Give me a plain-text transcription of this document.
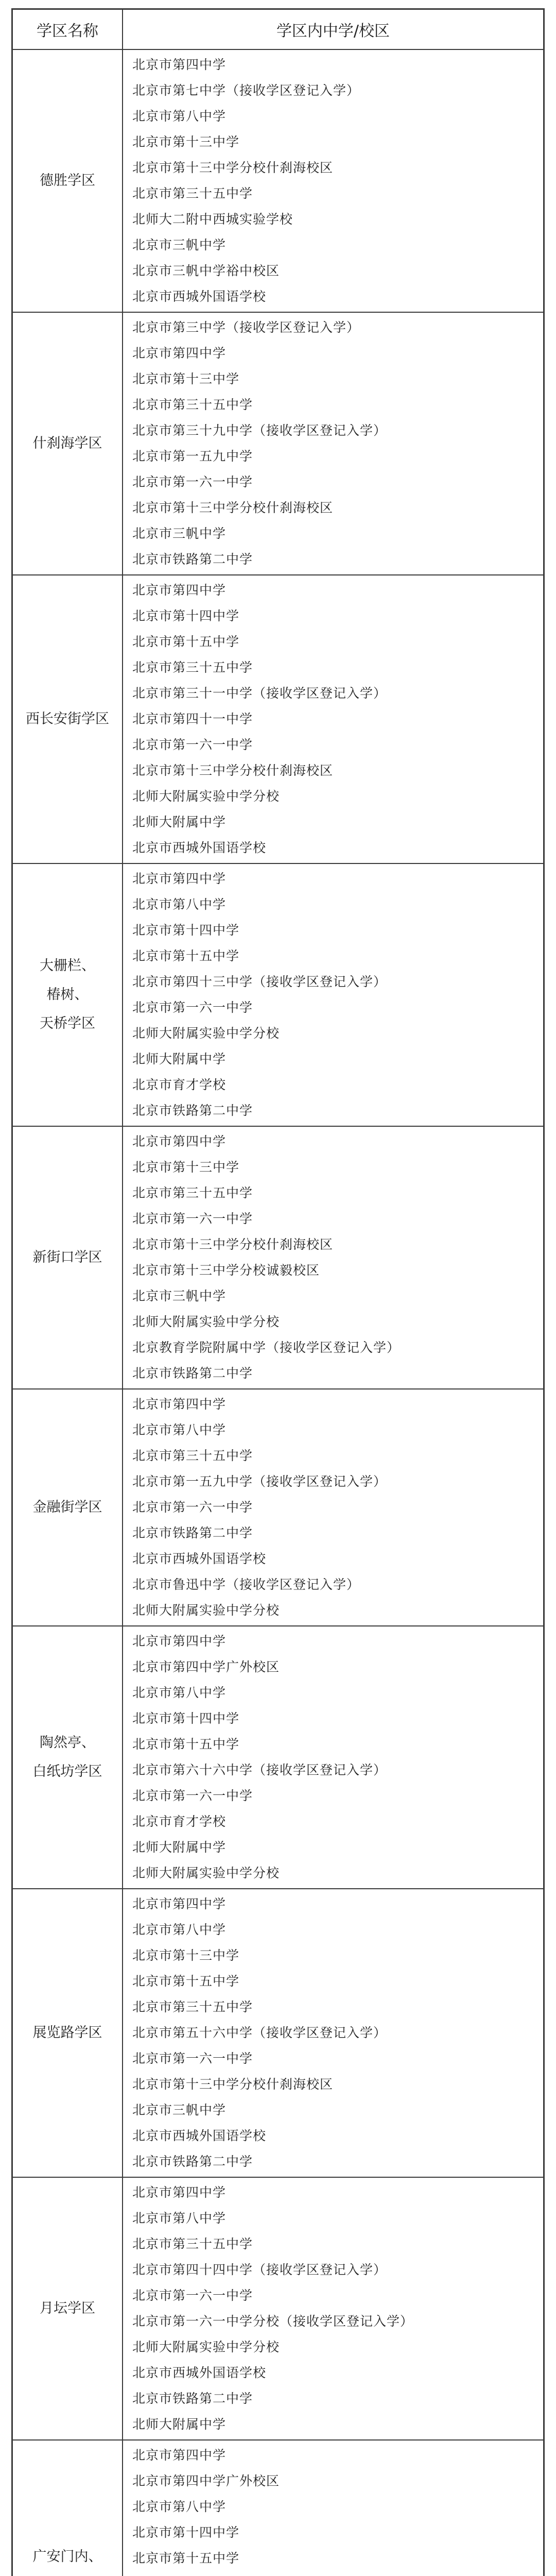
学区名称	学区内中学/校区
德胜学区
北京市第四中学
北京市第七中学（接收学区登记入学）
北京市第八中学
北京市第十三中学
北京市第十三中学分校什刹海校区
北京市第三十五中学
北师大二附中西城实验学校
北京市三帆中学
北京市三帆中学裕中校区
北京市西城外国语学校
什刹海学区
北京市第三中学（接收学区登记入学）
北京市第四中学
北京市第十三中学
北京市第三十五中学
北京市第三十九中学（接收学区登记入学）
北京市第一五九中学
北京市第一六一中学
北京市第十三中学分校什刹海校区
北京市三帆中学
北京市铁路第二中学
西长安街学区
北京市第四中学
北京市第十四中学
北京市第十五中学
北京市第三十五中学
北京市第三十一中学（接收学区登记入学）
北京市第四十一中学
北京市第一六一中学
北京市第十三中学分校什刹海校区
北师大附属实验中学分校
北师大附属中学
北京市西城外国语学校
大栅栏、
椿树、
天桥学区
北京市第四中学
北京市第八中学
北京市第十四中学
北京市第十五中学
北京市第四十三中学（接收学区登记入学）
北京市第一六一中学
北师大附属实验中学分校
北师大附属中学
北京市育才学校
北京市铁路第二中学
新街口学区
北京市第四中学
北京市第十三中学
北京市第三十五中学
北京市第一六一中学
北京市第十三中学分校什刹海校区
北京市第十三中学分校诚毅校区
北京市三帆中学
北师大附属实验中学分校
北京教育学院附属中学（接收学区登记入学）
北京市铁路第二中学
金融街学区
北京市第四中学
北京市第八中学
北京市第三十五中学
北京市第一五九中学（接收学区登记入学）
北京市第一六一中学
北京市铁路第二中学
北京市西城外国语学校
北京市鲁迅中学（接收学区登记入学）
北师大附属实验中学分校
陶然亭、
白纸坊学区
北京市第四中学
北京市第四中学广外校区
北京市第八中学
北京市第十四中学
北京市第十五中学
北京市第六十六中学（接收学区登记入学）
北京市第一六一中学
北京市育才学校
北师大附属中学
北师大附属实验中学分校
展览路学区
北京市第四中学
北京市第八中学
北京市第十三中学
北京市第十五中学
北京市第三十五中学
北京市第五十六中学（接收学区登记入学）
北京市第一六一中学
北京市第十三中学分校什刹海校区
北京市三帆中学
北京市西城外国语学校
北京市铁路第二中学
月坛学区
北京市第四中学
北京市第八中学
北京市第三十五中学
北京市第四十四中学（接收学区登记入学）
北京市第一六一中学
北京市第一六一中学分校（接收学区登记入学）
北师大附属实验中学分校
北京市西城外国语学校
北京市铁路第二中学
北师大附属中学
广安门内、

北京市第四中学
北京市第四中学广外校区
北京市第八中学
北京市第十四中学
北京市第十五中学
